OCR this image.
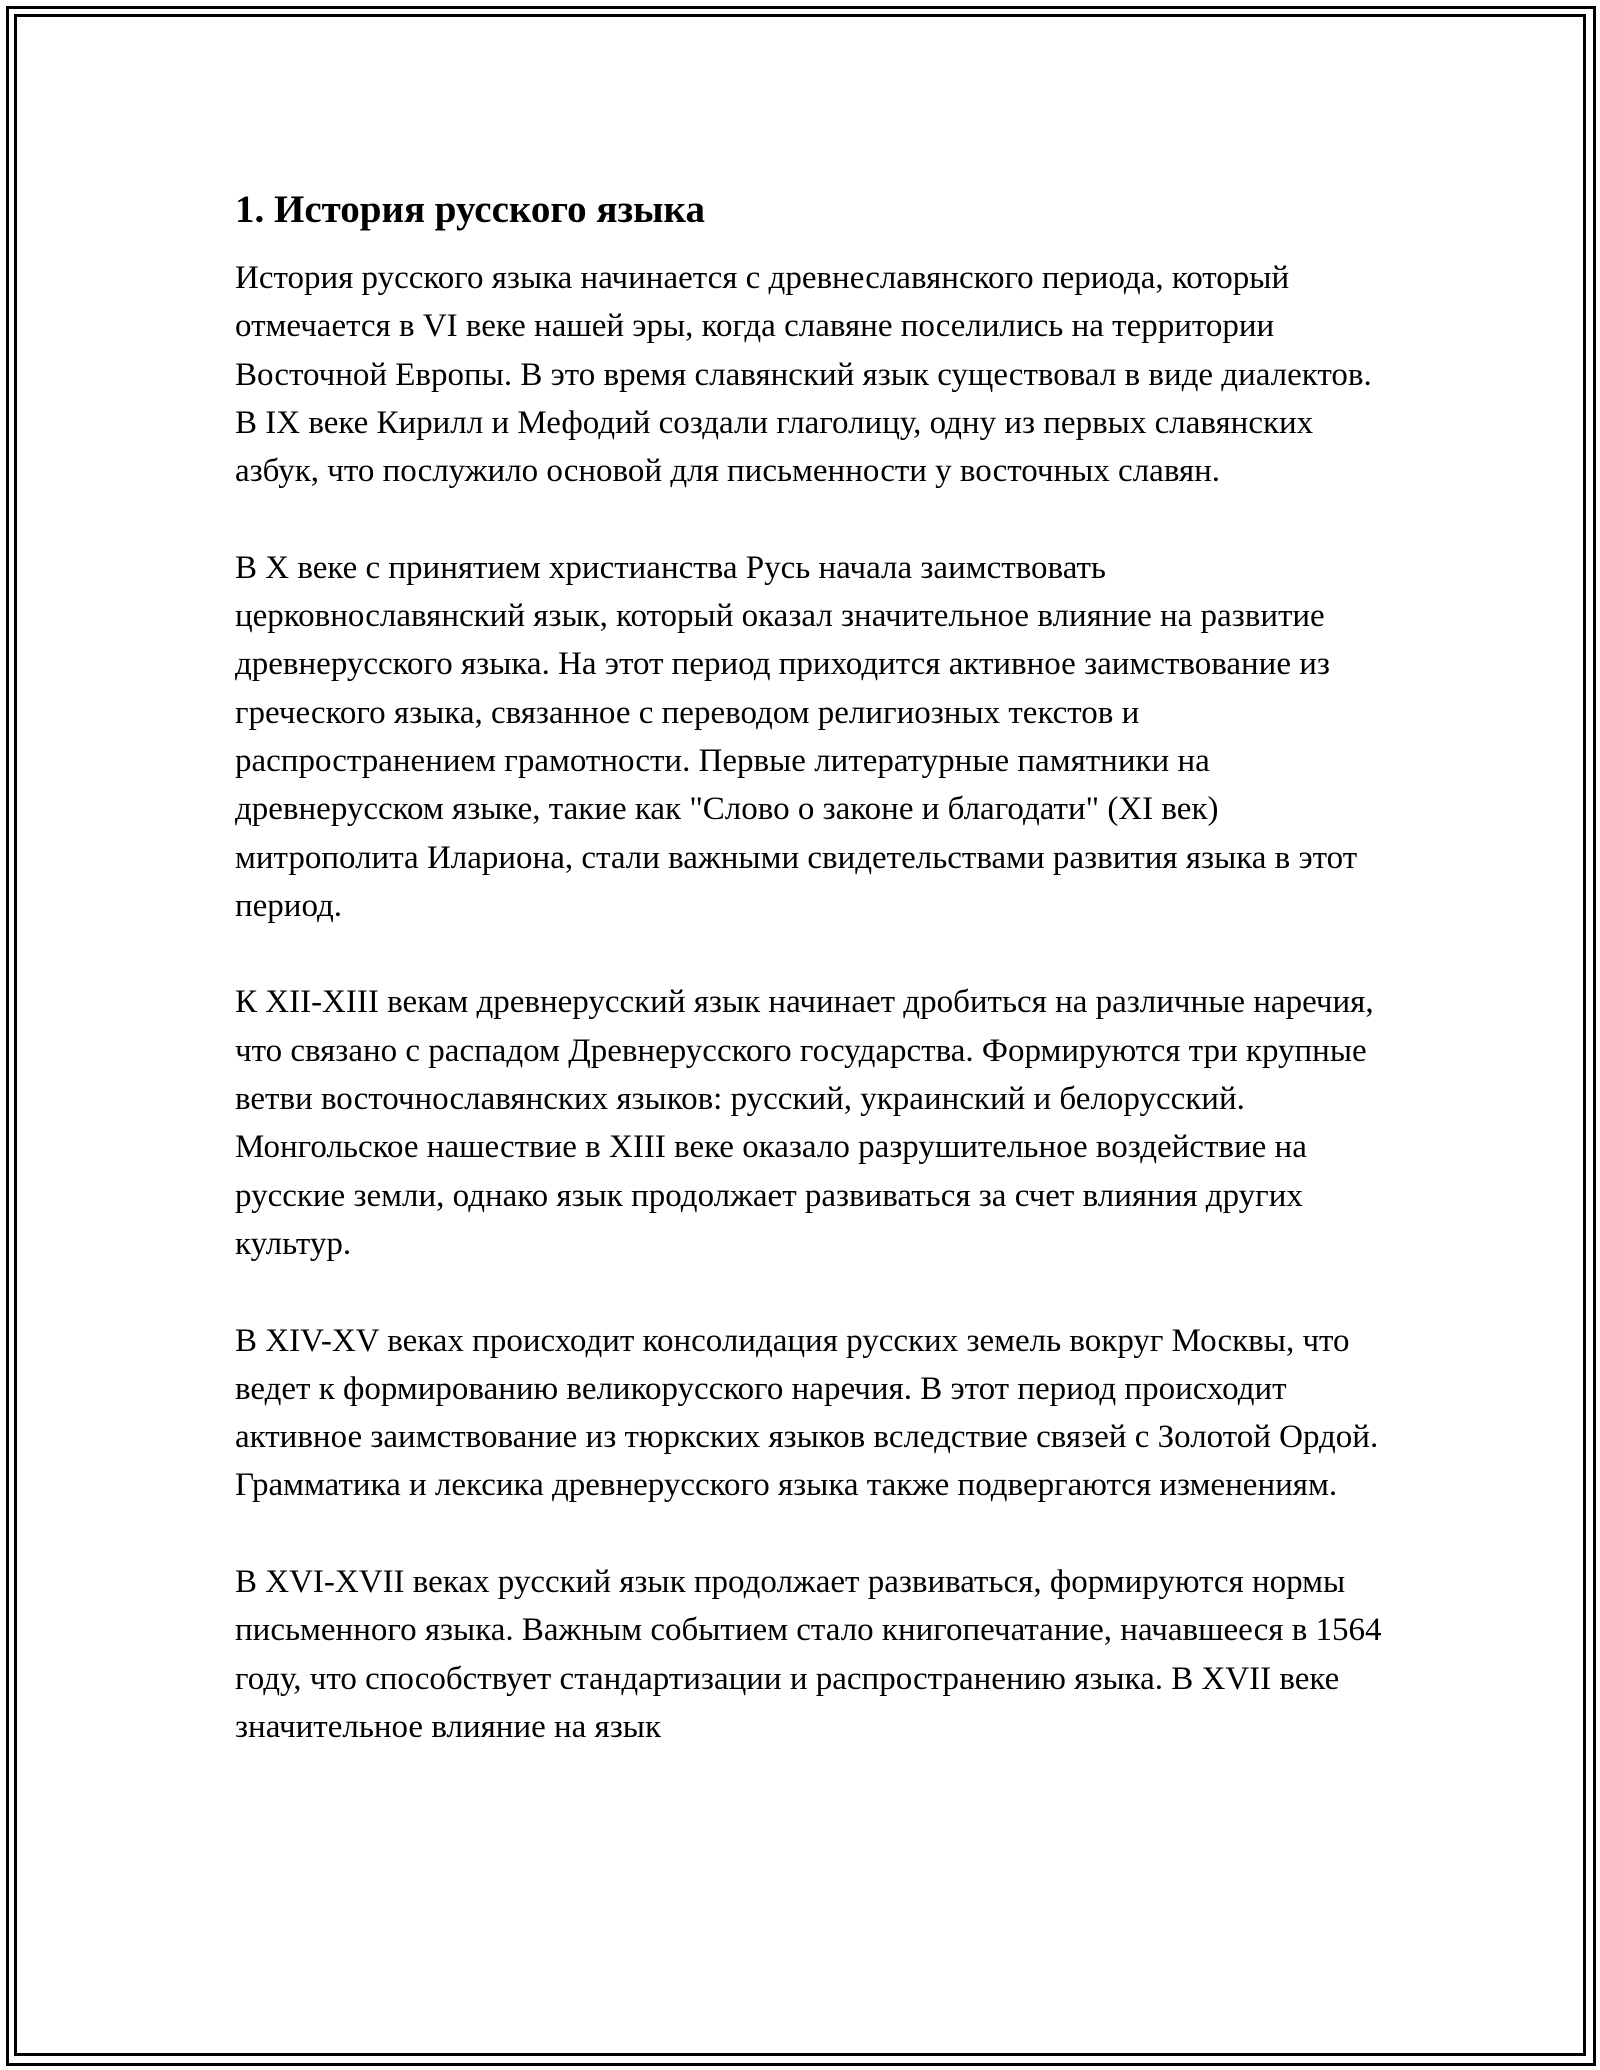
1. История русского языка

История русского языка начинается с древнеславянского периода, который отмечается в VI веке нашей эры, когда славяне поселились на территории Восточной Европы. В это время славянский язык существовал в виде диалектов. В IX веке Кирилл и Мефодий создали глаголицу, одну из первых славянских азбук, что послужило основой для письменности у восточных славян.

В X веке с принятием христианства Русь начала заимствовать церковнославянский язык, который оказал значительное влияние на развитие древнерусского языка. На этот период приходится активное заимствование из греческого языка, связанное с переводом религиозных текстов и распространением грамотности. Первые литературные памятники на древнерусском языке, такие как "Слово о законе и благодати" (XI век) митрополита Илариона, стали важными свидетельствами развития языка в этот период.

К XII-XIII векам древнерусский язык начинает дробиться на различные наречия, что связано с распадом Древнерусского государства. Формируются три крупные ветви восточнославянских языков: русский, украинский и белорусский. Монгольское нашествие в XIII веке оказало разрушительное воздействие на русские земли, однако язык продолжает развиваться за счет влияния других культур.

В XIV-XV веках происходит консолидация русских земель вокруг Москвы, что ведет к формированию великорусского наречия. В этот период происходит активное заимствование из тюркских языков вследствие связей с Золотой Ордой. Грамматика и лексика древнерусского языка также подвергаются изменениям.

В XVI-XVII веках русский язык продолжает развиваться, формируются нормы письменного языка. Важным событием стало книгопечатание, начавшееся в 1564 году, что способствует стандартизации и распространению языка. В XVII веке значительное влияние на язык
